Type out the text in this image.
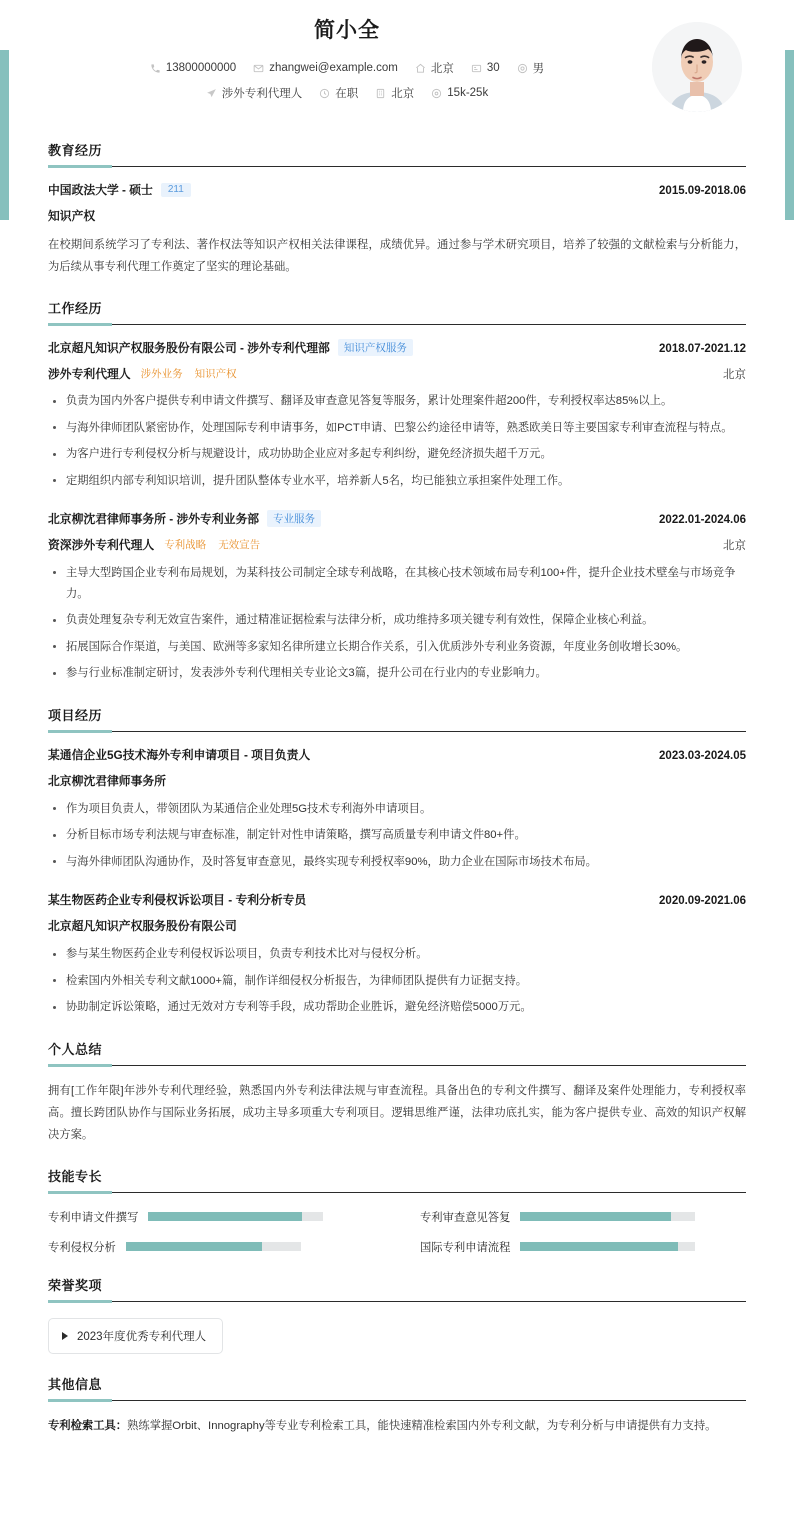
简小全
13800000000	zhangwei@example.com	北京	30	男
涉外专利代理人	在职	北京	15k-25k
教育经历
中国政法大学 - 硕士	211	2015.09-2018.06
知识产权
在校期间系统学习了专利法、著作权法等知识产权相关法律课程，成绩优异。通过参与学术研究项目，培养了较强的文献检索与分析能力，为后续从事专利代理工作奠定了坚实的理论基础。
工作经历
北京超凡知识产权服务股份有限公司 - 涉外专利代理部	知识产权服务	2018.07-2021.12
涉外专利代理人 涉外业务 知识产权	北京
负责为国内外客户提供专利申请文件撰写、翻译及审查意见答复等服务，累计处理案件超200件，专利授权率达85%以上。
与海外律师团队紧密协作，处理国际专利申请事务，如PCT申请、巴黎公约途径申请等，熟悉欧美日等主要国家专利审查流程与特点。
为客户进行专利侵权分析与规避设计，成功协助企业应对多起专利纠纷，避免经济损失超千万元。
定期组织内部专利知识培训，提升团队整体专业水平，培养新人5名，均已能独立承担案件处理工作。
北京柳沈君律师事务所 - 涉外专利业务部	专业服务	2022.01-2024.06
资深涉外专利代理人 专利战略 无效宣告	北京
主导大型跨国企业专利布局规划，为某科技公司制定全球专利战略，在其核心技术领域布局专利100+件，提升企业技术壁垒与市场竞争力。
负责处理复杂专利无效宣告案件，通过精准证据检索与法律分析，成功维持多项关键专利有效性，保障企业核心利益。
拓展国际合作渠道，与美国、欧洲等多家知名律所建立长期合作关系，引入优质涉外专利业务资源，年度业务创收增长30%。
参与行业标准制定研讨，发表涉外专利代理相关专业论文3篇，提升公司在行业内的专业影响力。
项目经历
某通信企业5G技术海外专利申请项目 - 项目负责人	2023.03-2024.05
北京柳沈君律师事务所
作为项目负责人，带领团队为某通信企业处理5G技术专利海外申请项目。
分析目标市场专利法规与审查标准，制定针对性申请策略，撰写高质量专利申请文件80+件。
与海外律师团队沟通协作，及时答复审查意见，最终实现专利授权率90%，助力企业在国际市场技术布局。
某生物医药企业专利侵权诉讼项目 - 专利分析专员	2020.09-2021.06
北京超凡知识产权服务股份有限公司
参与某生物医药企业专利侵权诉讼项目，负责专利技术比对与侵权分析。
检索国内外相关专利文献1000+篇，制作详细侵权分析报告，为律师团队提供有力证据支持。
协助制定诉讼策略，通过无效对方专利等手段，成功帮助企业胜诉，避免经济赔偿5000万元。
个人总结
拥有[工作年限]年涉外专利代理经验，熟悉国内外专利法律法规与审查流程。具备出色的专利文件撰写、翻译及案件处理能力，专利授权率高。擅长跨团队协作与国际业务拓展，成功主导多项重大专利项目。逻辑思维严谨，法律功底扎实，能为客户提供专业、高效的知识产权解决方案。
技能专长
专利申请文件撰写	专利审查意见答复
专利侵权分析	国际专利申请流程
荣誉奖项
2023年度优秀专利代理人
其他信息
专利检索工具： 熟练掌握Orbit、Innography等专业专利检索工具，能快速精准检索国内外专利文献，为专利分析与申请提供有力支持。
